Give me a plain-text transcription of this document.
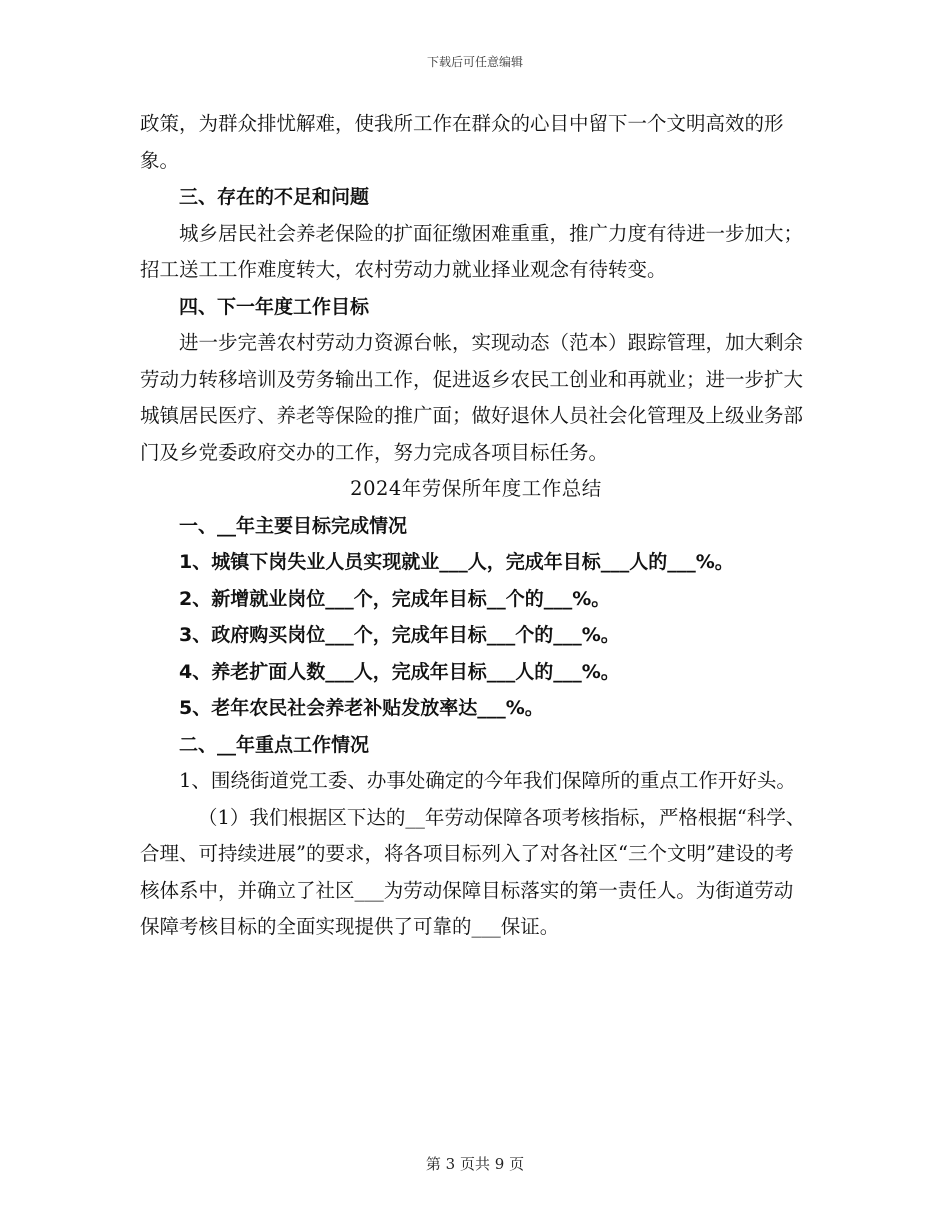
下载后可任意编辑

政策，为群众排忧解难，使我所工作在群众的心目中留下一个文明高效的形象。

三、存在的不足和问题

城乡居民社会养老保险的扩面征缴困难重重，推广力度有待进一步加大；招工送工工作难度转大，农村劳动力就业择业观念有待转变。

四、下一年度工作目标

进一步完善农村劳动力资源台帐，实现动态（范本）跟踪管理，加大剩余劳动力转移培训及劳务输出工作，促进返乡农民工创业和再就业；进一步扩大城镇居民医疗、养老等保险的推广面；做好退休人员社会化管理及上级业务部门及乡党委政府交办的工作，努力完成各项目标任务。

2024年劳保所年度工作总结

一、__年主要目标完成情况

1、城镇下岗失业人员实现就业___人，完成年目标___人的___%。

2、新增就业岗位___个，完成年目标__个的___%。

3、政府购买岗位___个，完成年目标___个的___%。

4、养老扩面人数___人，完成年目标___人的___%。

5、老年农民社会养老补贴发放率达___%。

二、__年重点工作情况

1、围绕街道党工委、办事处确定的今年我们保障所的重点工作开好头。

（1）我们根据区下达的__年劳动保障各项考核指标，严格根据“科学、合理、可持续进展”的要求，将各项目标列入了对各社区“三个文明”建设的考核体系中，并确立了社区___为劳动保障目标落实的第一责任人。为街道劳动保障考核目标的全面实现提供了可靠的___保证。

第 3 页共 9 页
